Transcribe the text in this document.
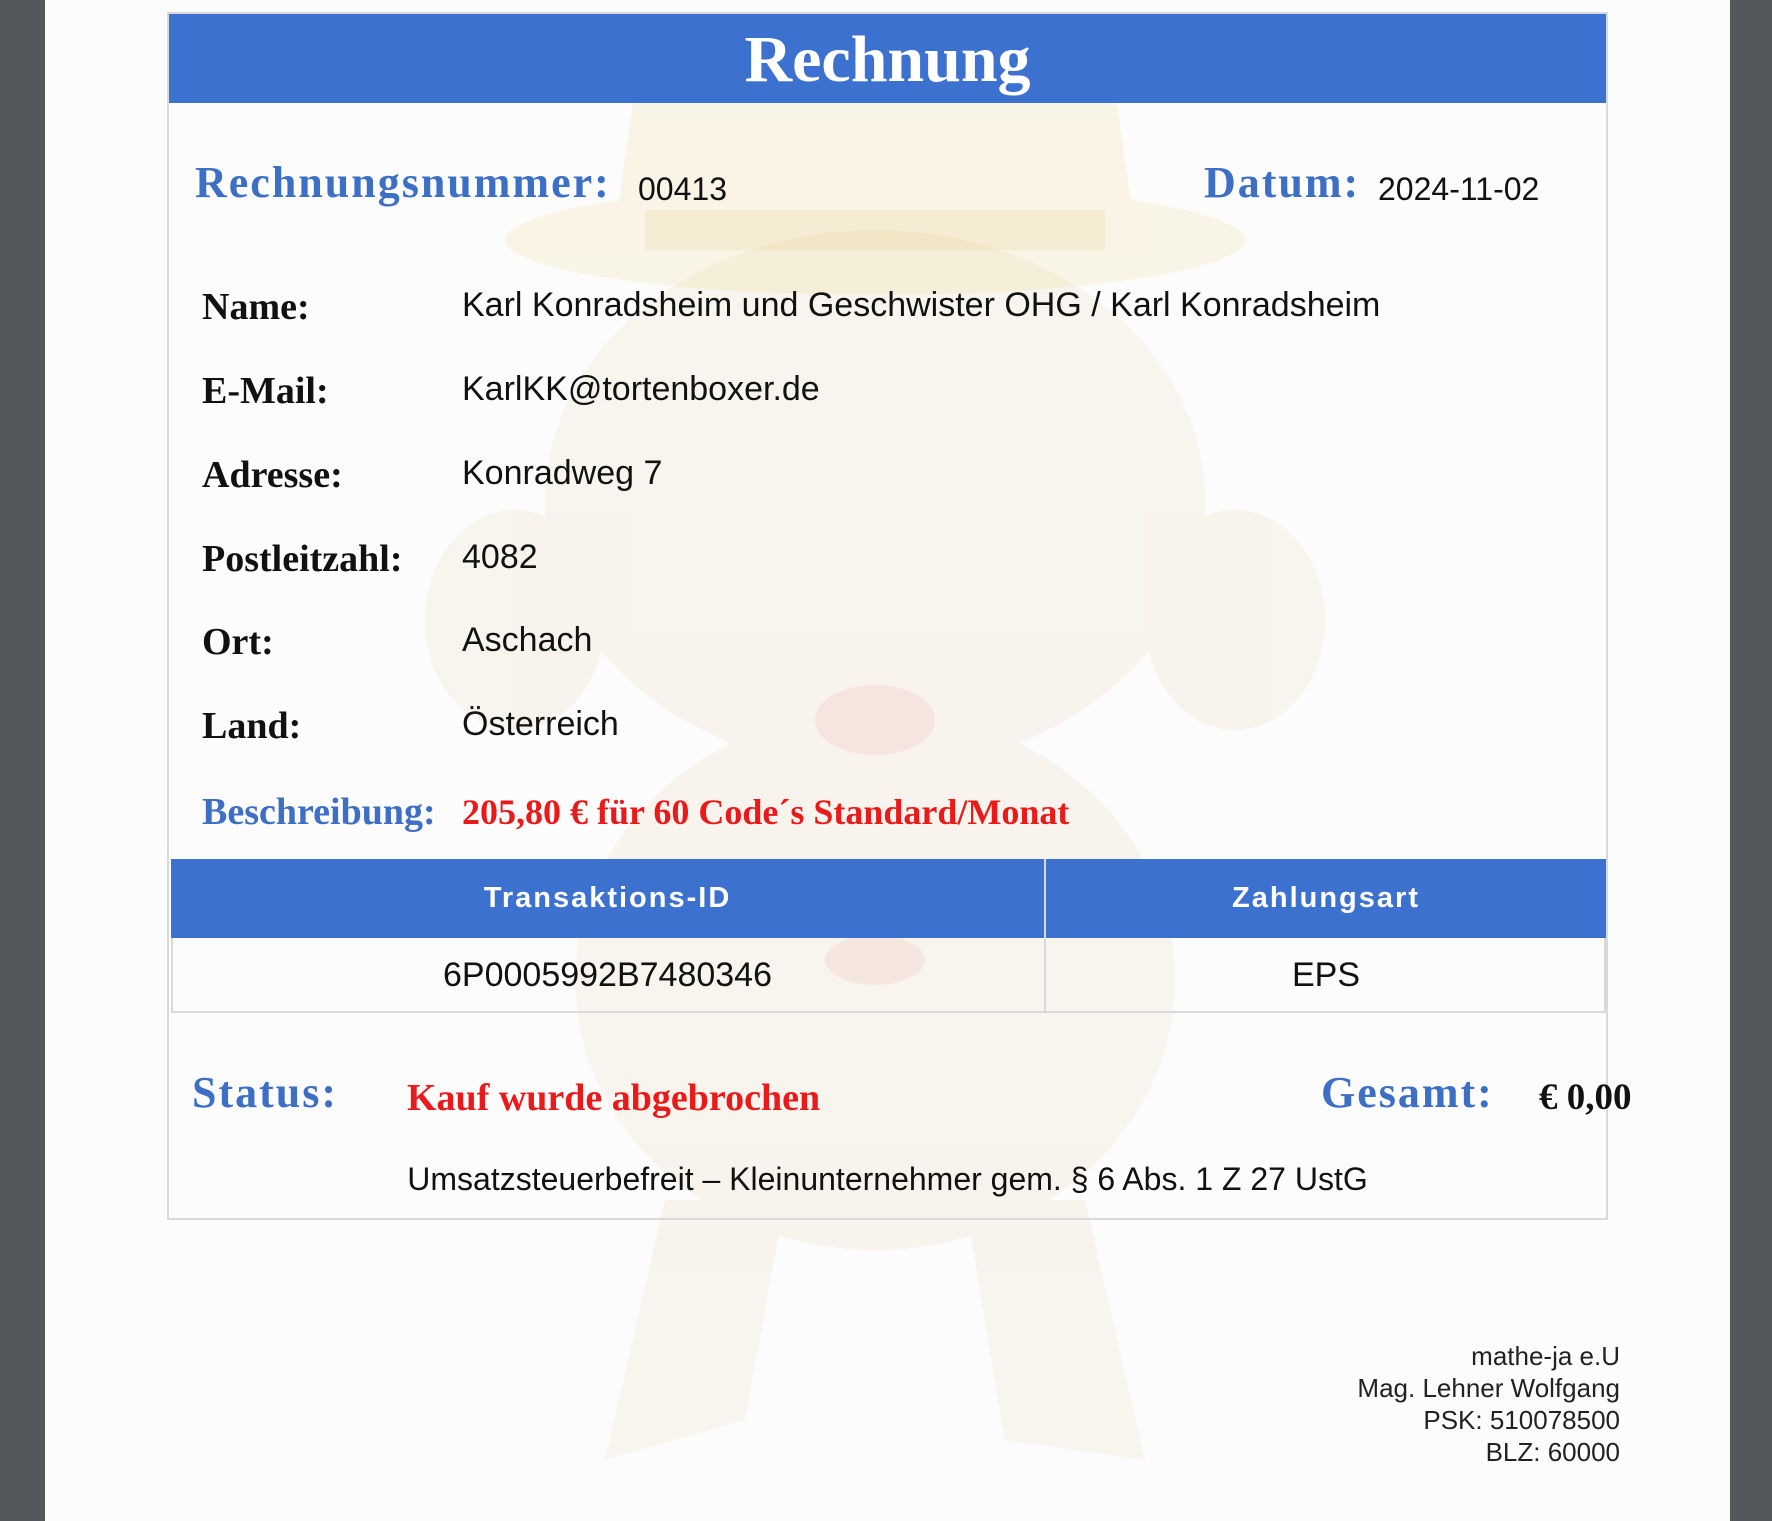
Rechnung
Rechnungsnummer: 00413	Datum: 2024-11-02
Name:	Karl Konradsheim und Geschwister OHG / Karl Konradsheim
E-Mail:	KarlKK@tortenboxer.de
Adresse:	Konradweg 7
Postleitzahl: 4082
Ort:	Aschach
Land:	Österreich
Beschreibung: 205,80 € für 60 Code´s Standard/Monat
Transaktions-ID	Zahlungsart
6P0005992B7480346	EPS
Status: Kauf wurde abgebrochen	Gesamt: € 0,00
Umsatzsteuerbefreit – Kleinunternehmer gem. § 6 Abs. 1 Z 27 UstG
mathe-ja e.U
Mag. Lehner Wolfgang
PSK: 510078500
BLZ: 60000
